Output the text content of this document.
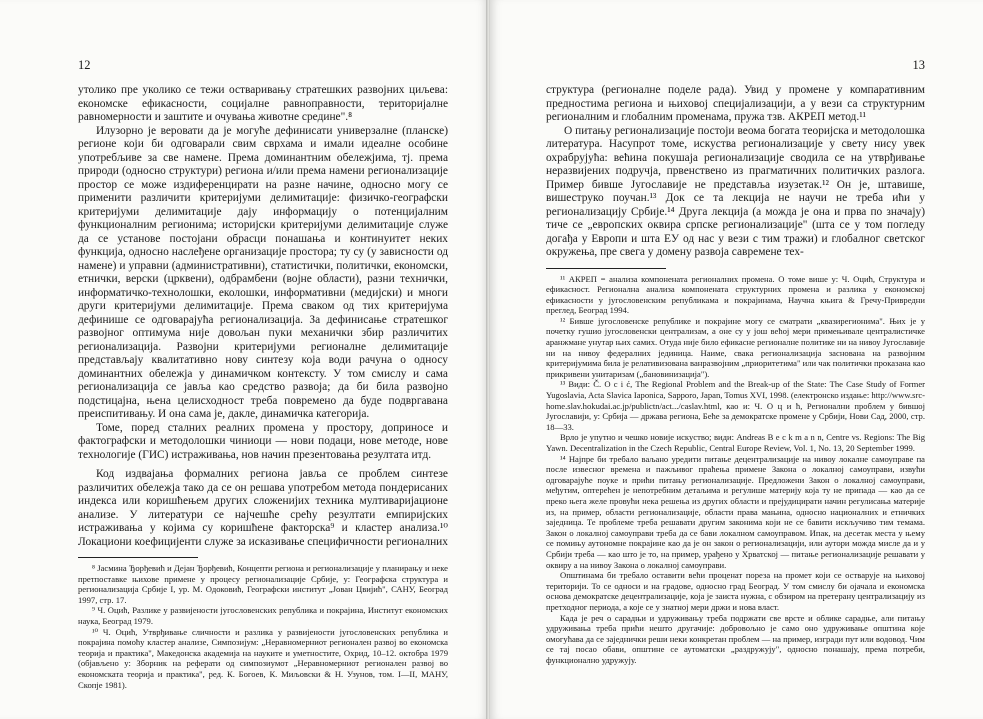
12

утолико пре уколико се тежи остваривању стратешких развојних циљева: економске ефикасности, социјалне равноправности, територијалне равномерности и заштите и очувања животне средине".⁸

Илузорно је веровати да је могуће дефинисати универзалне (планске) регионе који би одговарали свим сврхама и имали идеалне особине употребљиве за све намене. Према доминантним обележјима, тј. према природи (односно структури) региона и/или према намени регионализације простор се може издиференцирати на разне начине, односно могу се применити различити критеријуми делимитације: физичко-географски критеријуми делимитације дају информацију о потенцијалним функционалним регионима; историјски критеријуми делимитације служе да се установе постојани обрасци понашања и континуитет неких функција, односно наслеђене организације простора; ту су (у зависности од намене) и управни (административни), статистички, политички, економски, етнички, верски (црквени), одбрамбени (војне области), разни технички, информатичко-технолошки, еколошки, информативни (медијски) и многи други критеријуми делимитације. Према сваком од тих критеријума дефинише се одговарајућа регионализација. За дефинисање стратешког развојног оптимума није довољан пуки механички збир различитих регионализација. Развојни критеријуми регионалне делимитације представљају квалитативно нову синтезу која води рачуна о односу доминантних обележја у динамичком контексту. У том смислу и сама регионализација се јавља као средство развоја; да би била развојно подстицајна, њена целисходност треба повремено да буде подвргавана преиспитивању. И она сама је, дакле, динамичка категорија.

Томе, поред сталних реалних промена у простору, доприносе и фактографски и методолошки чиниоци — нови подаци, нове методе, нове технологије (ГИС) истраживања, нов начин презентовања резултата итд.

Код издвајања формалних региона јавља се проблем синтезе различитих обележја тако да се он решава употребом метода пондерисаних индекса или коришћењем других сложенијих техника мултиваријационе анализе. У литератури се најчешће срећу резултати емпиријских истраживања у којима су коришћене факторска⁹ и кластер анализа.¹⁰ Локациони коефицијенти служе за исказивање специфичности регионалних

⁸ Јасмина Ђорђевић и Дејан Ђорђевић, Концепти региона и регионализације у планирању и неке претпоставке њихове примене у процесу регионализације Србије, у: Географска структура и регионализација Србије I, ур. М. Одоковић, Географски институт „Јован Цвијић", САНУ, Београд 1997, стр. 17.

⁹ Ч. Оцић, Разлике у развијености југословенских република и покрајина, Институт економских наука, Београд 1979.

¹⁰ Ч. Оцић, Утврђивање сличности и разлика у развијености југословенских република и покрајина помоћу кластер анализе, Симпозијум: „Неравномерниот регионален развој во економска теорија и практика", Македонска академија на науките и уметностите, Охрид, 10–12. октобра 1979 (објављено у: Зборник на реферати од симпозиумот „Неравномерниот регионален развој во економската теорија и практика", ред. К. Богоев, К. Миљовски & Н. Узунов, том. I—II, МАНУ, Скопје 1981).

13

структура (регионалне поделе рада). Увид у промене у компаративним предностима региона и њиховој специјализацији, а у вези са структурним регионалним и глобалним променама, пружа тзв. АКРЕП метод.¹¹

О питању регионализације постоји веома богата теоријска и методолошка литература. Насупрот томе, искуства регионализације у свету нису увек охрабрујућа: већина покушаја регионализације сводила се на утврђивање неразвијених подручја, првенствено из прагматичних политичких разлога. Пример бивше Југославије не представља изузетак.¹² Он је, штавише, вишеструко поучан.¹³ Док се та лекција не научи не треба ићи у регионализацију Србије.¹⁴ Друга лекција (а можда је она и прва по значају) тиче се „европских оквира српске регионализације" (шта се у том погледу догађа у Европи и шта ЕУ од нас у вези с тим тражи) и глобалног светског окружења, пре свега у домену развоја савремене тех-

¹¹ АКРЕП = анализа компонената регионалних промена. О томе више у: Ч. Оцић, Структура и ефикасност. Регионална анализа компонената структурних промена и разлика у економској ефикасности у југословенским републикама и покрајинама, Научна књига & Гречу-Привредни преглед, Београд 1994.

¹² Бивше југословенске републике и покрајине могу се сматрати „квазирегионима". Њих је у почетку гушио југословенски централизам, а оне су у још већој мери примењивале централистичке аранжмане унутар њих самих. Отуда није било ефикасне регионалне политике ни на нивоу Југославије ни на нивоу федералних јединица. Наиме, свака регионализација заснована на развојним критеријумима била је релативизована ванразвојним „приоритетима" или чак политички проказана као прикривени унитаризам („бановинизација").

¹³ Види: Č. O c i ć, The Regional Problem and the Break-up of the State: The Case Study of Former Yugoslavia, Acta Slavica Iaponica, Sapporo, Japan, Tomus XVI, 1998. (електронско издање: http://www.src-home.slav.hokudai.ac.jp/publictn/act.../caslav.html, као и: Ч. О ц и ћ, Регионални проблем у бившој Југославији, у: Србија — држава региона, Беће за демократске промене у Србији, Нови Сад, 2000, стр. 18—33.

Врло је упутно и чешко новије искуство; види: Andreas B e c k m a n n, Centre vs. Regions: The Big Yawn. Decentralization in the Czech Republic, Central Europe Review, Vol. 1, No. 13, 20 September 1999.

¹⁴ Најпре би требало ваљано уредити питање децентрализације на нивоу локалне самоуправе па после извесног времена и пажљивог праћења примене Закона о локалној самоуправи, извући одговарајуће поуке и прићи питању регионализације. Предложени Закон о локалној самоуправи, међутим, оптерећен је непотребним детаљима и регулише материју која ту не припада — као да се преко њега желе провући нека решења из других области и прејудицирати начин регулисања материје из, на пример, области регионализације, области права мањина, односно националних и етничких заједница. Те проблеме треба решавати другим законима који не се бавити искључиво тим темама. Закон о локалној самоуправи треба да се бави локалном самоуправом. Ипак, на десетак места у њему се помињу аутономне покрајине као да је он закон о регионализацији, или аутори можда мисле да и у Србији треба — као што је то, на пример, урађено у Хрватској — питање регионализације решавати у оквиру а на нивоу Закона о локалној самоуправи.

Општинама би требало оставити већи проценат пореза на промет који се остварује на њиховој територији. То се односи и на градове, односно град Београд. У том смислу би ојачала и економска основа демократске децентрализације, која је заиста нужна, с обзиром на претерану централизацију из претходног периода, а које се у знатној мери држи и нова власт.

Када је реч о сарадњи и удруживању треба подржати све врсте и облике сарадње, али питању удруживања треба прићи нешто другачије: добровољно је само оно удруживање општина које омогућава да се заједнички реши неки конкретан проблем — на пример, изгради пут или водовод. Чим се тај посао обави, општине се аутоматски „раздружују", односно понашају, према потреби, функционално удружују.
